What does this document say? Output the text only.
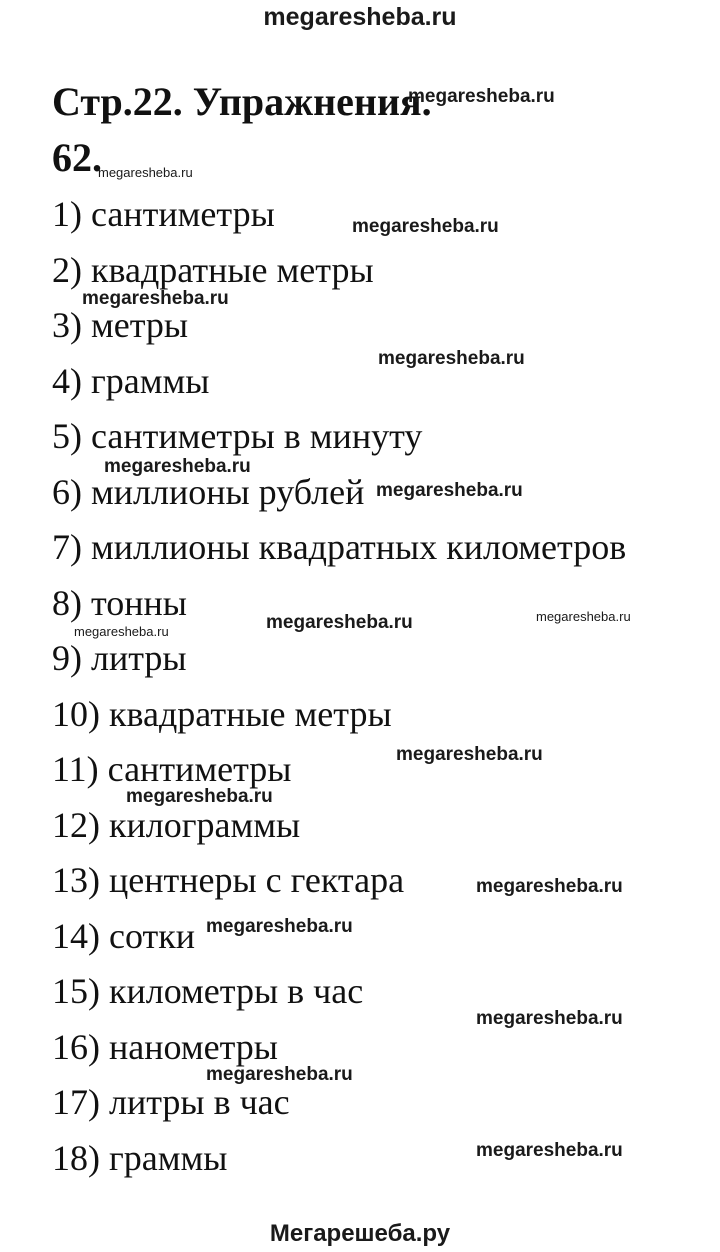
megaresheba.ru
Стр.22. Упражнения.
62.
1) сантиметры
2) квадратные метры
3) метры
4) граммы
5) сантиметры в минуту
6) миллионы рублей
7) миллионы квадратных километров
8) тонны
9) литры
10) квадратные метры
11) сантиметры
12) килограммы
13) центнеры с гектара
14) сотки
15) километры в час
16) нанометры
17) литры в час
18) граммы
megaresheba.ru
megaresheba.ru
megaresheba.ru
megaresheba.ru
megaresheba.ru
megaresheba.ru
megaresheba.ru
megaresheba.ru	megaresheba.ru	megaresheba.ru
megaresheba.ru
megaresheba.ru
megaresheba.ru
megaresheba.ru
megaresheba.ru
megaresheba.ru
megaresheba.ru
Мегарешеба.ру
